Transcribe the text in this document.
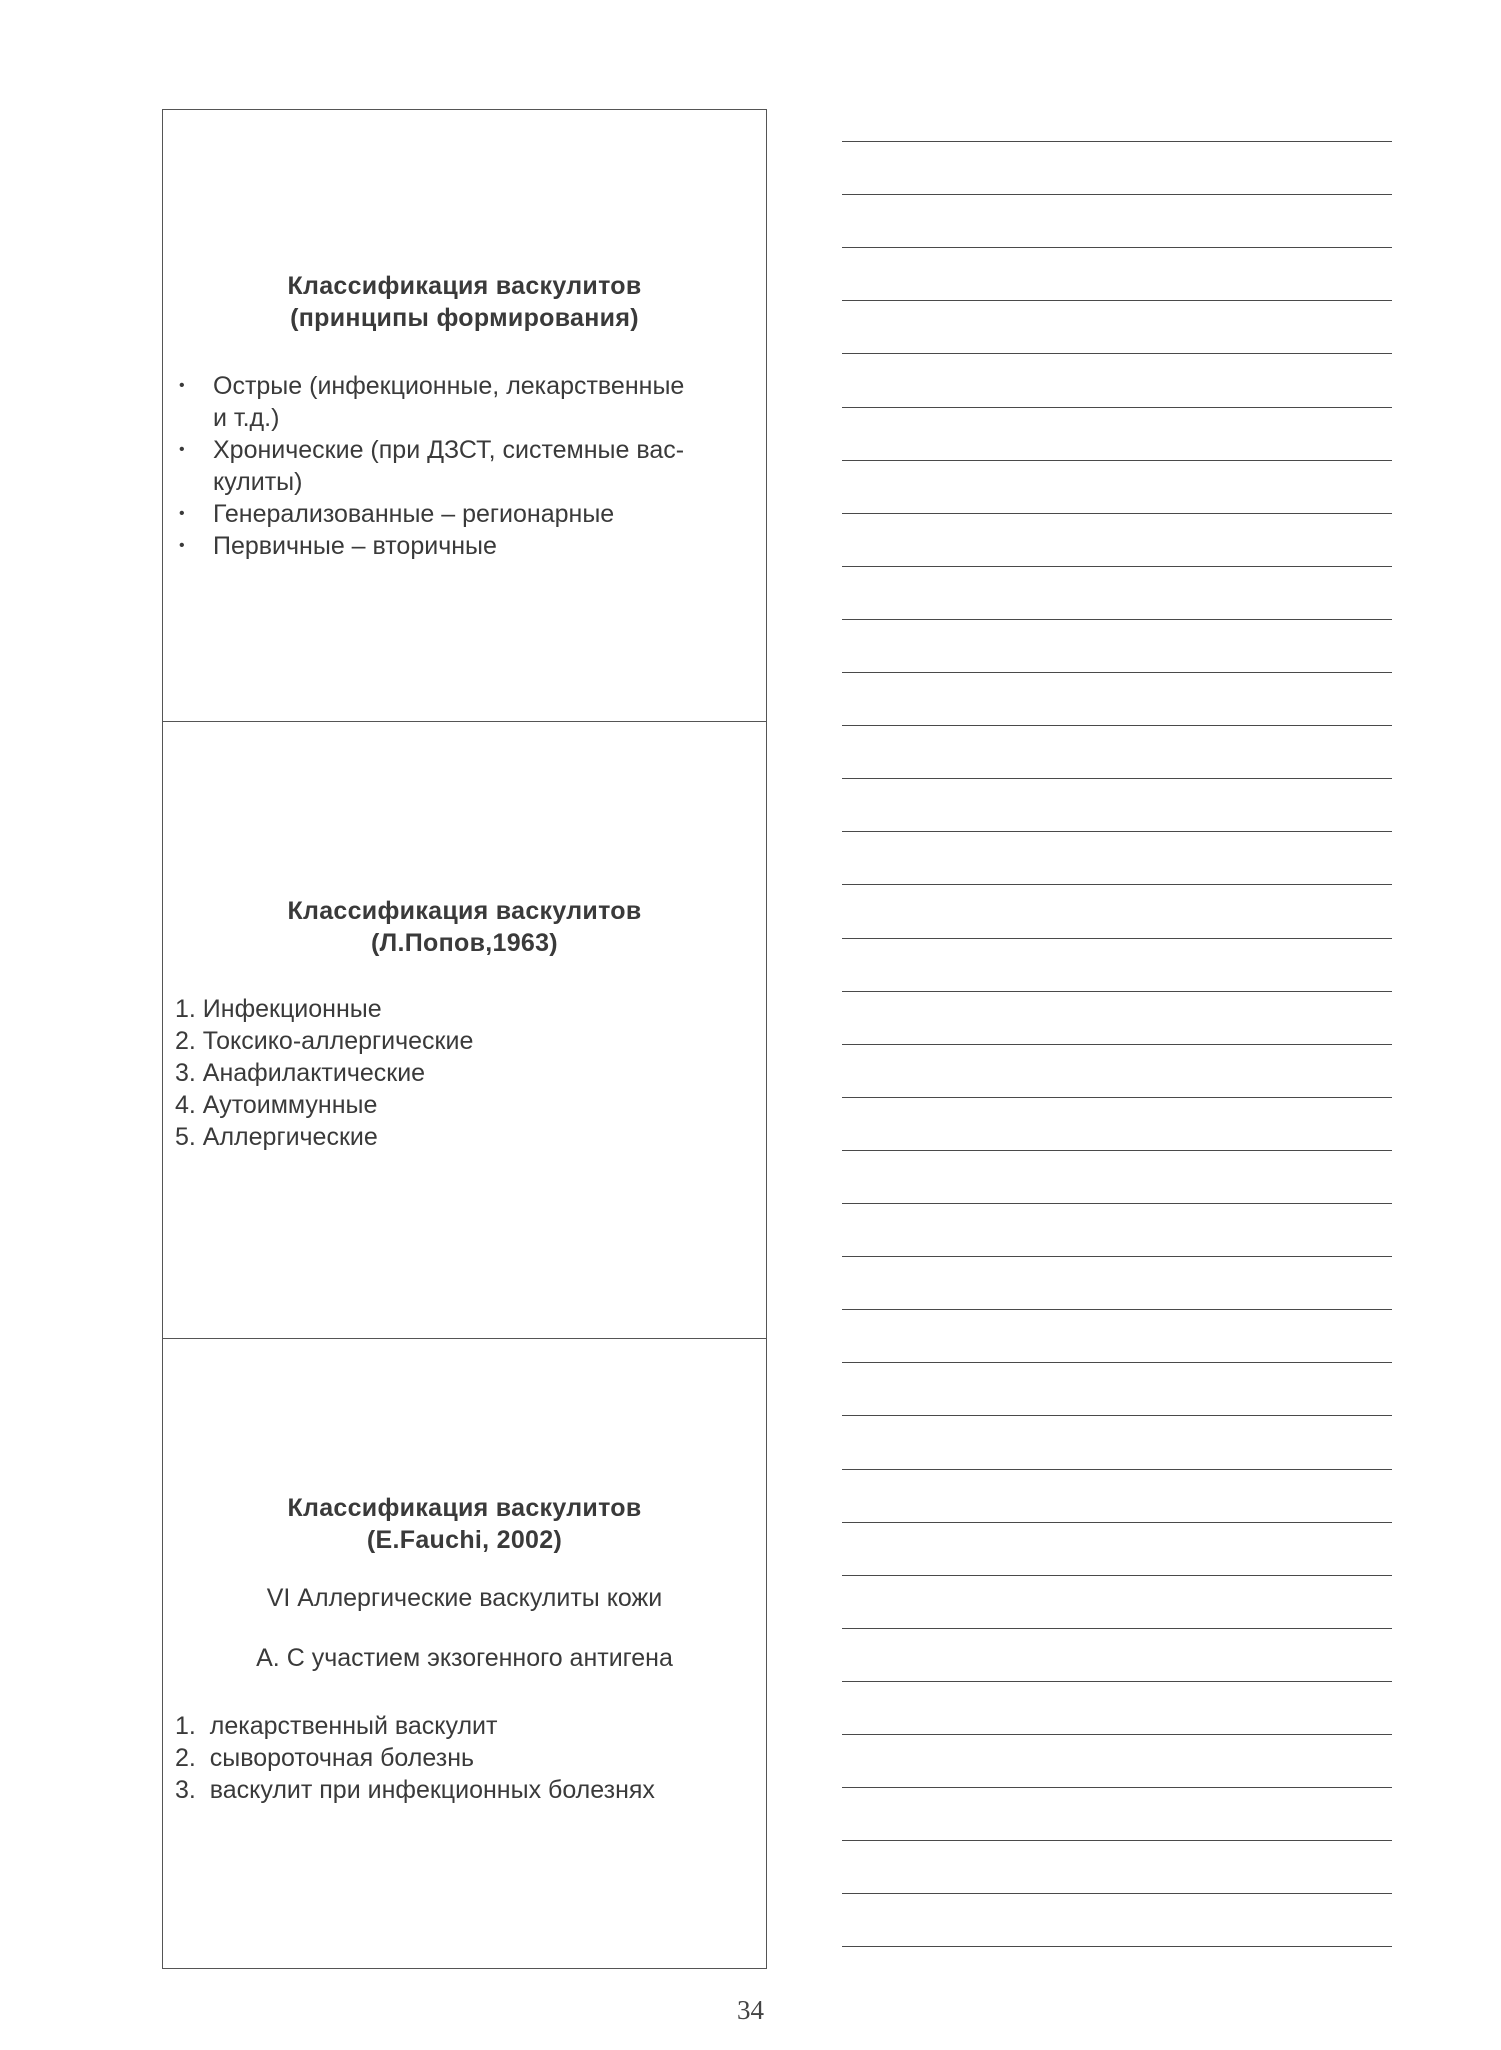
Классификация васкулитов
(принципы формирования)
• Острые (инфекционные, лекарственные
и т.д.)
• Хронические (при ДЗСТ, системные вас-
кулиты)
• Генерализованные – регионарные
• Первичные – вторичные
Классификация васкулитов
(Л.Попов,1963)
1. Инфекционные
2. Токсико-аллергические
3. Анафилактические
4. Аутоиммунные
5. Аллергические
Классификация васкулитов
(E.Fauchi, 2002)
VI Аллергические васкулиты кожи
А. С участием экзогенного антигена
1.  лекарственный васкулит
2.  сывороточная болезнь
3.  васкулит при инфекционных болезнях
34
